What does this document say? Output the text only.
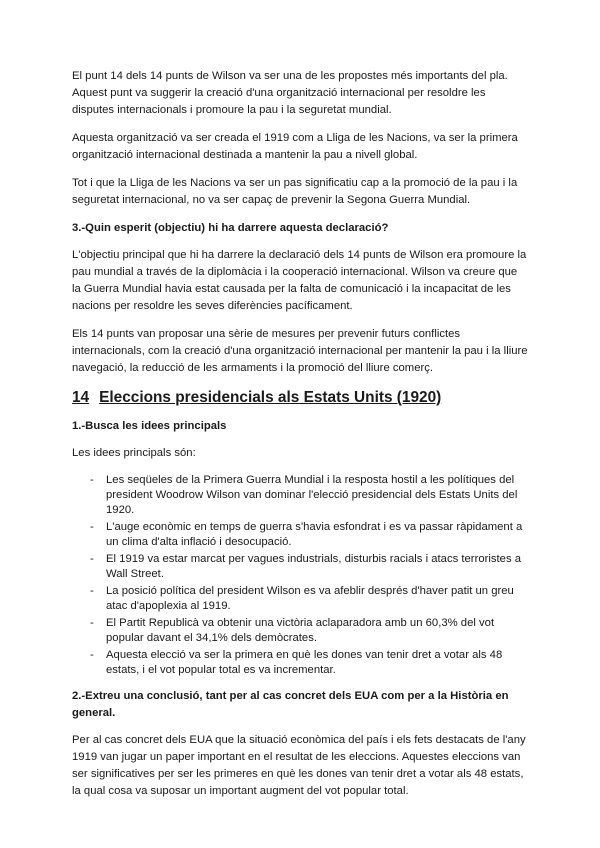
El punt 14 dels 14 punts de Wilson va ser una de les propostes més importants del pla. Aquest punt va suggerir la creació d'una organització internacional per resoldre les disputes internacionals i promoure la pau i la seguretat mundial.

Aquesta organització va ser creada el 1919 com a Lliga de les Nacions, va ser la primera organització internacional destinada a mantenir la pau a nivell global.

Tot i que la Lliga de les Nacions va ser un pas significatiu cap a la promoció de la pau i la seguretat internacional, no va ser capaç de prevenir la Segona Guerra Mundial.

3.-Quin esperit (objectiu) hi ha darrere aquesta declaració?

L'objectiu principal que hi ha darrere la declaració dels 14 punts de Wilson era promoure la pau mundial a través de la diplomàcia i la cooperació internacional. Wilson va creure que la Guerra Mundial havia estat causada per la falta de comunicació i la incapacitat de les nacions per resoldre les seves diferències pacíficament.

Els 14 punts van proposar una sèrie de mesures per prevenir futurs conflictes internacionals, com la creació d'una organització internacional per mantenir la pau i la lliure navegació, la reducció de les armaments i la promoció del lliure comerç.

14 Eleccions presidencials als Estats Units (1920)
1.-Busca les idees principals

Les idees principals són:

- Les seqüeles de la Primera Guerra Mundial i la resposta hostil a les polítiques del president Woodrow Wilson van dominar l'elecció presidencial dels Estats Units del 1920.
- L'auge econòmic en temps de guerra s'havia esfondrat i es va passar ràpidament a un clima d'alta inflació i desocupació.
- El 1919 va estar marcat per vagues industrials, disturbis racials i atacs terroristes a Wall Street.
- La posició política del president Wilson es va afeblir després d'haver patit un greu atac d'apoplexia al 1919.
- El Partit Republicà va obtenir una victòria aclaparadora amb un 60,3% del vot popular davant el 34,1% dels demòcrates.
- Aquesta elecció va ser la primera en què les dones van tenir dret a votar als 48 estats, i el vot popular total es va incrementar.
2.-Extreu una conclusió, tant per al cas concret dels EUA com per a la Història en general.

Per al cas concret dels EUA que la situació econòmica del país i els fets destacats de l'any 1919 van jugar un paper important en el resultat de les eleccions. Aquestes eleccions van ser significatives per ser les primeres en què les dones van tenir dret a votar als 48 estats, la qual cosa va suposar un important augment del vot popular total.
